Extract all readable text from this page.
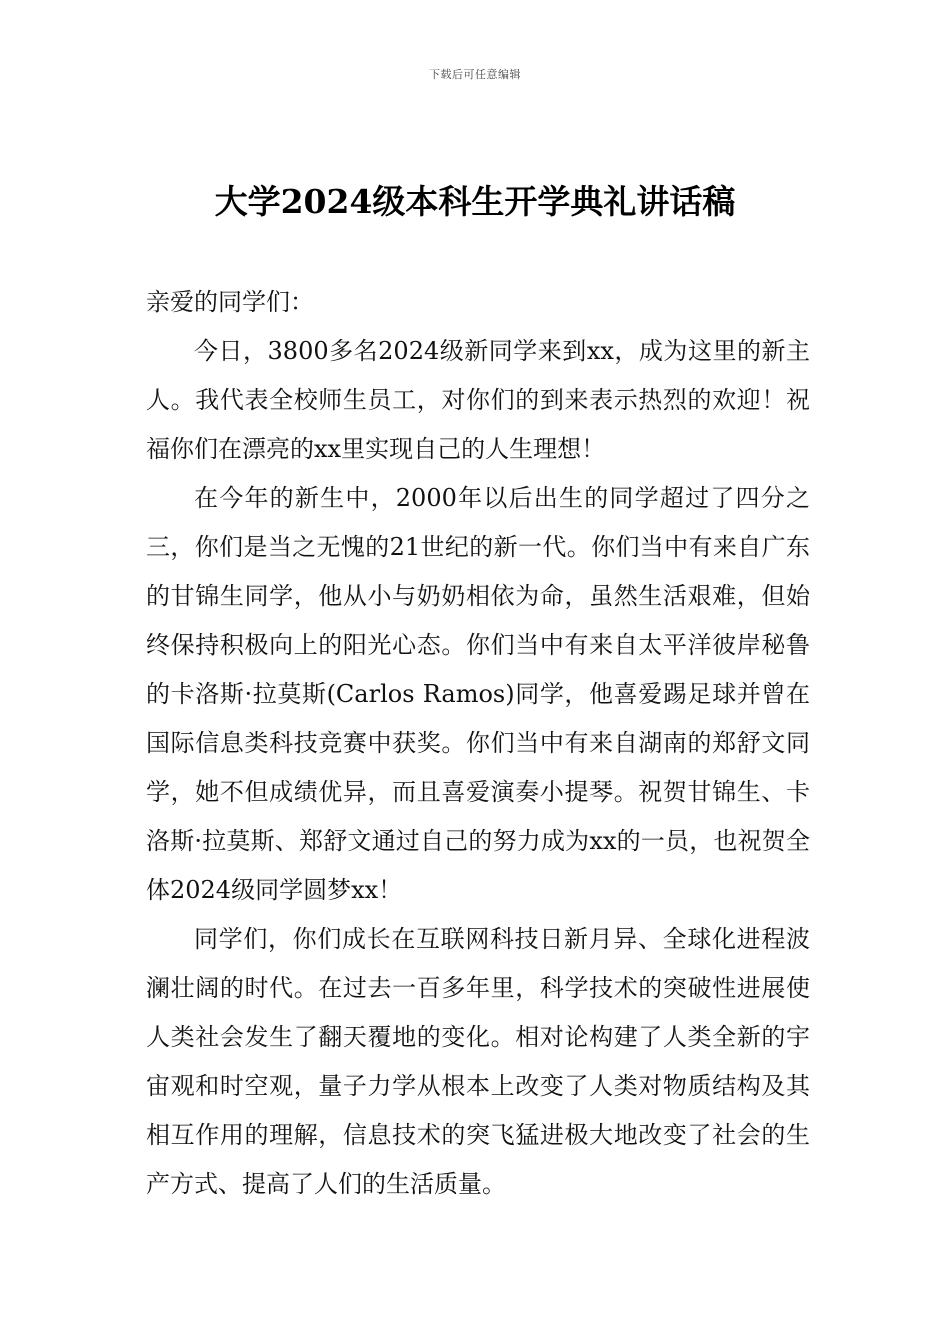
下载后可任意编辑
大学2024级本科生开学典礼讲话稿

亲爱的同学们：

今日，3800多名2024级新同学来到xx，成为这里的新主人。我代表全校师生员工，对你们的到来表示热烈的欢迎！祝福你们在漂亮的xx里实现自己的人生理想！

在今年的新生中，2000年以后出生的同学超过了四分之三，你们是当之无愧的21世纪的新一代。你们当中有来自广东的甘锦生同学，他从小与奶奶相依为命，虽然生活艰难，但始终保持积极向上的阳光心态。你们当中有来自太平洋彼岸秘鲁的卡洛斯·拉莫斯(Carlos Ramos)同学，他喜爱踢足球并曾在国际信息类科技竞赛中获奖。你们当中有来自湖南的郑舒文同学，她不但成绩优异，而且喜爱演奏小提琴。祝贺甘锦生、卡洛斯·拉莫斯、郑舒文通过自己的努力成为xx的一员，也祝贺全体2024级同学圆梦xx！

同学们，你们成长在互联网科技日新月异、全球化进程波澜壮阔的时代。在过去一百多年里，科学技术的突破性进展使人类社会发生了翻天覆地的变化。相对论构建了人类全新的宇宙观和时空观，量子力学从根本上改变了人类对物质结构及其相互作用的理解，信息技术的突飞猛进极大地改变了社会的生产方式、提高了人们的生活质量。
